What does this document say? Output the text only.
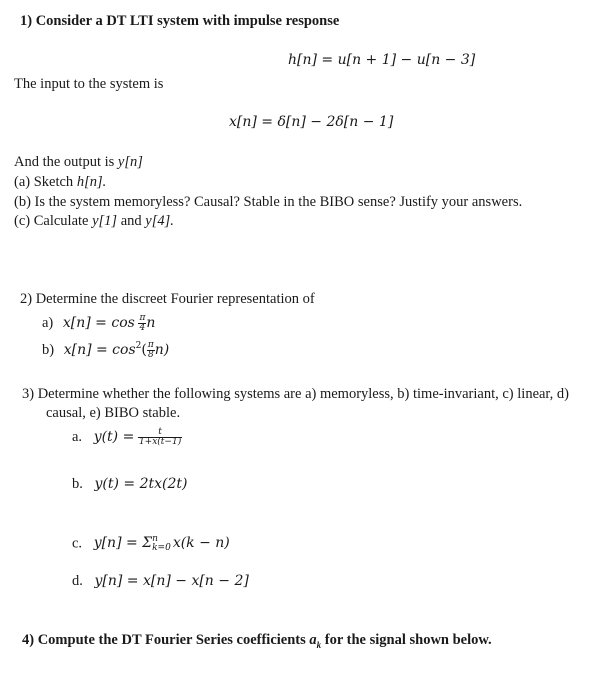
1) Consider a DT LTI system with impulse response
h[n] = u[n + 1] − u[n − 3]
The input to the system is
x[n] = δ[n] − 2δ[n − 1]
And the output is y[n]
(a) Sketch h[n].
(b) Is the system memoryless? Causal? Stable in the BIBO sense? Justify your answers.
(c) Calculate y[1] and y[4].
2) Determine the discreet Fourier representation of
a) $x[n] = \cos \frac{\pi}{4}$ n
b) $x[n] = \cos^2( \frac{\pi}{8} n)$
3) Determine whether the following systems are a) memoryless, b) time-invariant, c) linear, d)
causal, e) BIBO stable.
a. $y(t) = \frac{t}{1+x(t-1)}$
b. y(t) = 2tx(2t)
c. y[n] = Σ n
k=0 x(k − n)
d. y[n] = x[n] − x[n − 2]
4) Compute the DT Fourier Series coefficients $a_k$ for the signal shown below.
